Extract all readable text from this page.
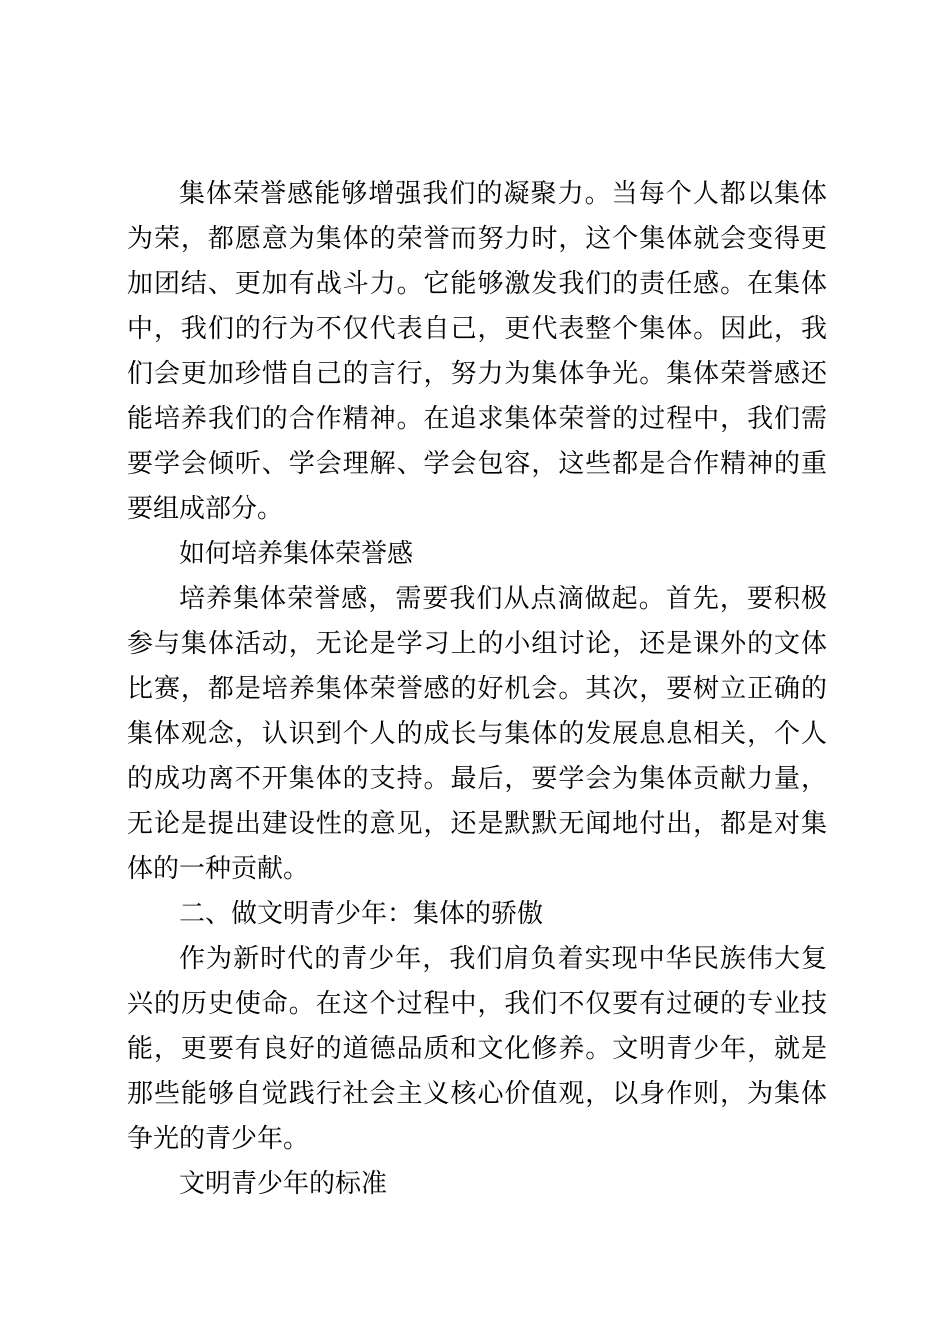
集体荣誉感能够增强我们的凝聚力。当每个人都以集体为荣，都愿意为集体的荣誉而努力时，这个集体就会变得更加团结、更加有战斗力。它能够激发我们的责任感。在集体中，我们的行为不仅代表自己，更代表整个集体。因此，我们会更加珍惜自己的言行，努力为集体争光。集体荣誉感还能培养我们的合作精神。在追求集体荣誉的过程中，我们需要学会倾听、学会理解、学会包容，这些都是合作精神的重要组成部分。

如何培养集体荣誉感

培养集体荣誉感，需要我们从点滴做起。首先，要积极参与集体活动，无论是学习上的小组讨论，还是课外的文体比赛，都是培养集体荣誉感的好机会。其次，要树立正确的集体观念，认识到个人的成长与集体的发展息息相关，个人的成功离不开集体的支持。最后，要学会为集体贡献力量，无论是提出建设性的意见，还是默默无闻地付出，都是对集体的一种贡献。

二、做文明青少年：集体的骄傲

作为新时代的青少年，我们肩负着实现中华民族伟大复兴的历史使命。在这个过程中，我们不仅要有过硬的专业技能，更要有良好的道德品质和文化修养。文明青少年，就是那些能够自觉践行社会主义核心价值观，以身作则，为集体争光的青少年。

文明青少年的标准
